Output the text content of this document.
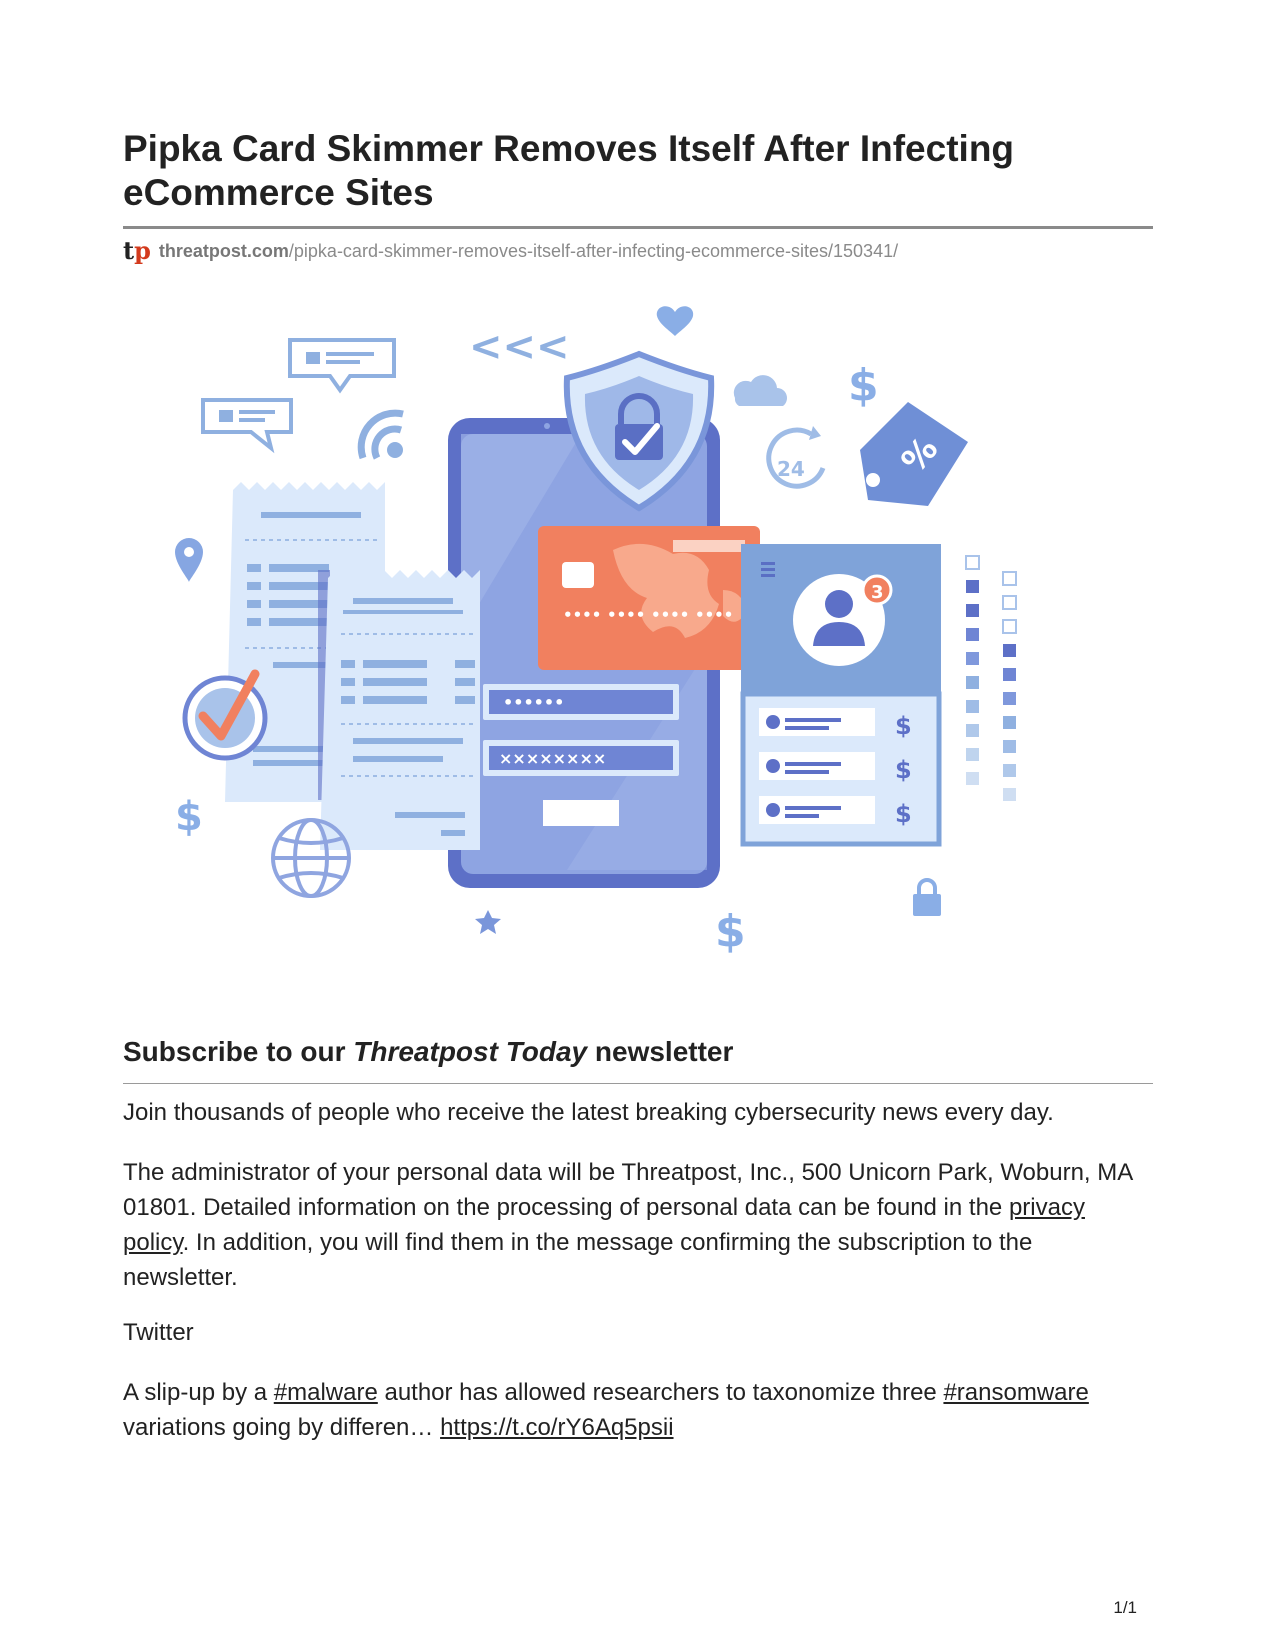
Pipka Card Skimmer Removes Itself After Infecting
eCommerce Sites
tp threatpost.com /pipka-card-skimmer-removes-itself-after-infecting-ecommerce-sites/150341/
<<<
$
24	%
••••••
××××××××
$
•••• •••• •••• ••••
3
$
$
$
$
Subscribe to our Threatpost Today newsletter

Join thousands of people who receive the latest breaking cybersecurity news every day.

The administrator of your personal data will be Threatpost, Inc., 500 Unicorn Park, Woburn, MA 01801. Detailed information on the processing of personal data can be found in the privacy policy. In addition, you will find them in the message confirming the subscription to the newsletter.

Twitter

A slip-up by a #malware author has allowed researchers to taxonomize three #ransomware variations going by differen… https://t.co/rY6Aq5psii

1/1
